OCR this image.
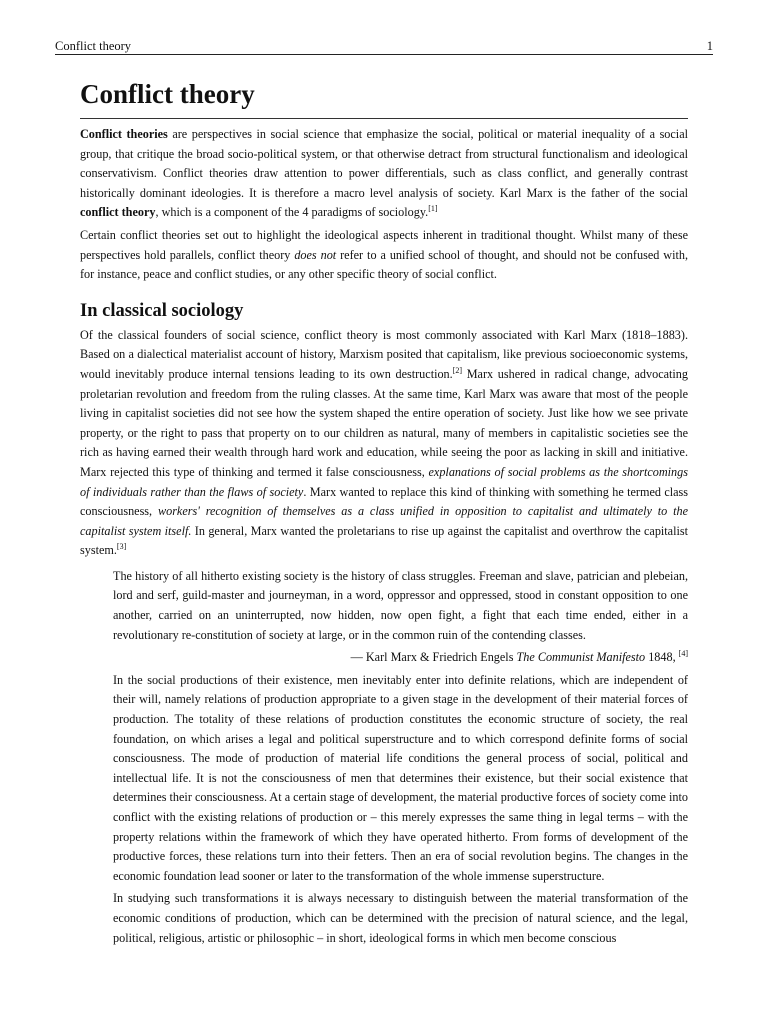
Conflict theory	1
Conflict theory

Conflict theories are perspectives in social science that emphasize the social, political or material inequality of a social group, that critique the broad socio-political system, or that otherwise detract from structural functionalism and ideological conservativism. Conflict theories draw attention to power differentials, such as class conflict, and generally contrast historically dominant ideologies. It is therefore a macro level analysis of society. Karl Marx is the father of the social conflict theory, which is a component of the 4 paradigms of sociology.[1]

Certain conflict theories set out to highlight the ideological aspects inherent in traditional thought. Whilst many of these perspectives hold parallels, conflict theory does not refer to a unified school of thought, and should not be confused with, for instance, peace and conflict studies, or any other specific theory of social conflict.

In classical sociology

Of the classical founders of social science, conflict theory is most commonly associated with Karl Marx (1818–1883). Based on a dialectical materialist account of history, Marxism posited that capitalism, like previous socioeconomic systems, would inevitably produce internal tensions leading to its own destruction.[2] Marx ushered in radical change, advocating proletarian revolution and freedom from the ruling classes. At the same time, Karl Marx was aware that most of the people living in capitalist societies did not see how the system shaped the entire operation of society. Just like how we see private property, or the right to pass that property on to our children as natural, many of members in capitalistic societies see the rich as having earned their wealth through hard work and education, while seeing the poor as lacking in skill and initiative. Marx rejected this type of thinking and termed it false consciousness, explanations of social problems as the shortcomings of individuals rather than the flaws of society. Marx wanted to replace this kind of thinking with something he termed class consciousness, workers' recognition of themselves as a class unified in opposition to capitalist and ultimately to the capitalist system itself. In general, Marx wanted the proletarians to rise up against the capitalist and overthrow the capitalist system.[3]

The history of all hitherto existing society is the history of class struggles. Freeman and slave, patrician and plebeian, lord and serf, guild-master and journeyman, in a word, oppressor and oppressed, stood in constant opposition to one another, carried on an uninterrupted, now hidden, now open fight, a fight that each time ended, either in a revolutionary re-constitution of society at large, or in the common ruin of the contending classes.

— Karl Marx & Friedrich Engels The Communist Manifesto 1848, [4]

In the social productions of their existence, men inevitably enter into definite relations, which are independent of their will, namely relations of production appropriate to a given stage in the development of their material forces of production. The totality of these relations of production constitutes the economic structure of society, the real foundation, on which arises a legal and political superstructure and to which correspond definite forms of social consciousness. The mode of production of material life conditions the general process of social, political and intellectual life. It is not the consciousness of men that determines their existence, but their social existence that determines their consciousness. At a certain stage of development, the material productive forces of society come into conflict with the existing relations of production or – this merely expresses the same thing in legal terms – with the property relations within the framework of which they have operated hitherto. From forms of development of the productive forces, these relations turn into their fetters. Then an era of social revolution begins. The changes in the economic foundation lead sooner or later to the transformation of the whole immense superstructure.

In studying such transformations it is always necessary to distinguish between the material transformation of the economic conditions of production, which can be determined with the precision of natural science, and the legal, political, religious, artistic or philosophic – in short, ideological forms in which men become conscious
